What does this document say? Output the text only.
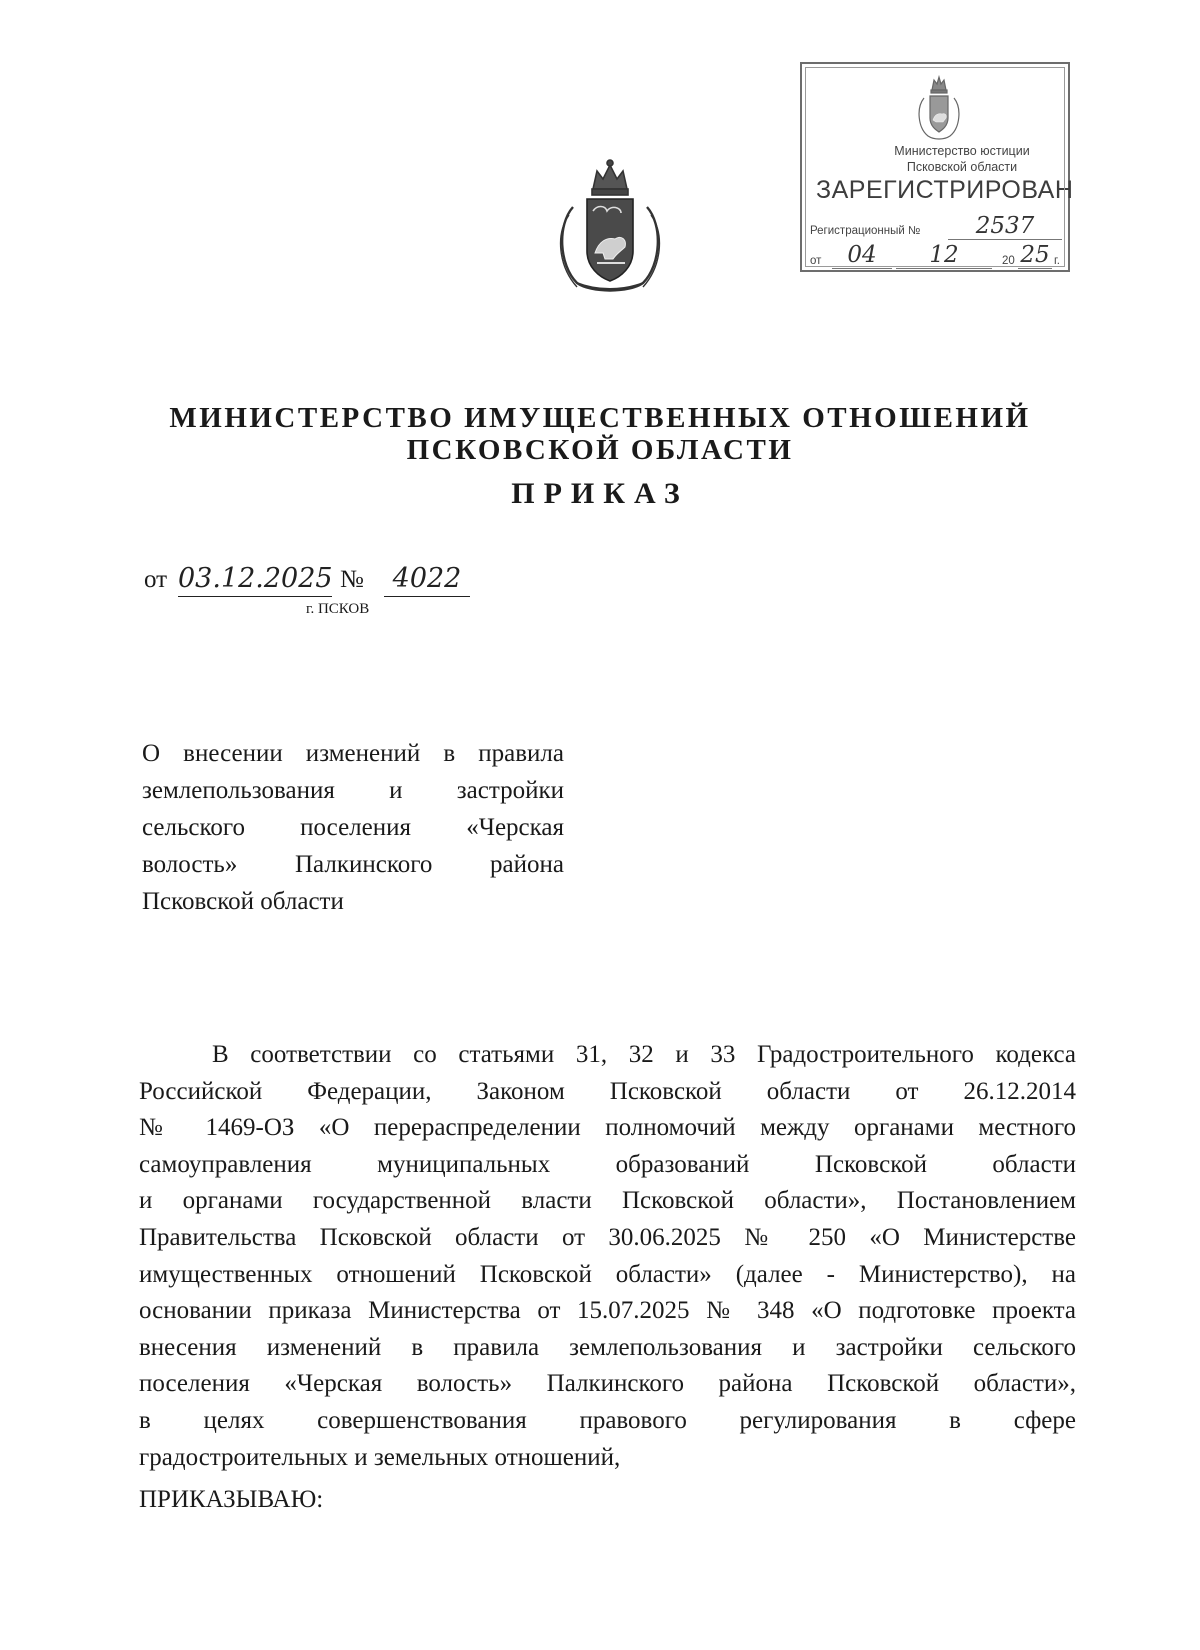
Министерство юстиции
Псковской области
ЗАРЕГИСТРИРОВАН
Регистрационный №	2537
от	04	12	20 25 г.
МИНИСТЕРСТВО ИМУЩЕСТВЕННЫХ ОТНОШЕНИЙ
ПСКОВСКОЙ ОБЛАСТИ
ПРИКАЗ
от 03.12.2025 №	4022
г. ПСКОВ
О внесении изменений в правила
землепользования и застройки
сельского поселения «Черская
волость» Палкинского района
Псковской области
В соответствии со статьями 31, 32 и 33 Градостроительного кодекса
Российской Федерации, Законом Псковской области от 26.12.2014
№ 1469-ОЗ «О перераспределении полномочий между органами местного
самоуправления муниципальных образований Псковской области
и органами государственной власти Псковской области», Постановлением
Правительства Псковской области от 30.06.2025 № 250 «О Министерстве
имущественных отношений Псковской области» (далее - Министерство), на
основании приказа Министерства от 15.07.2025 № 348 «О подготовке проекта
внесения изменений в правила землепользования и застройки сельского
поселения «Черская волость» Палкинского района Псковской области»,
в целях совершенствования правового регулирования в сфере
градостроительных и земельных отношений,
ПРИКАЗЫВАЮ:
